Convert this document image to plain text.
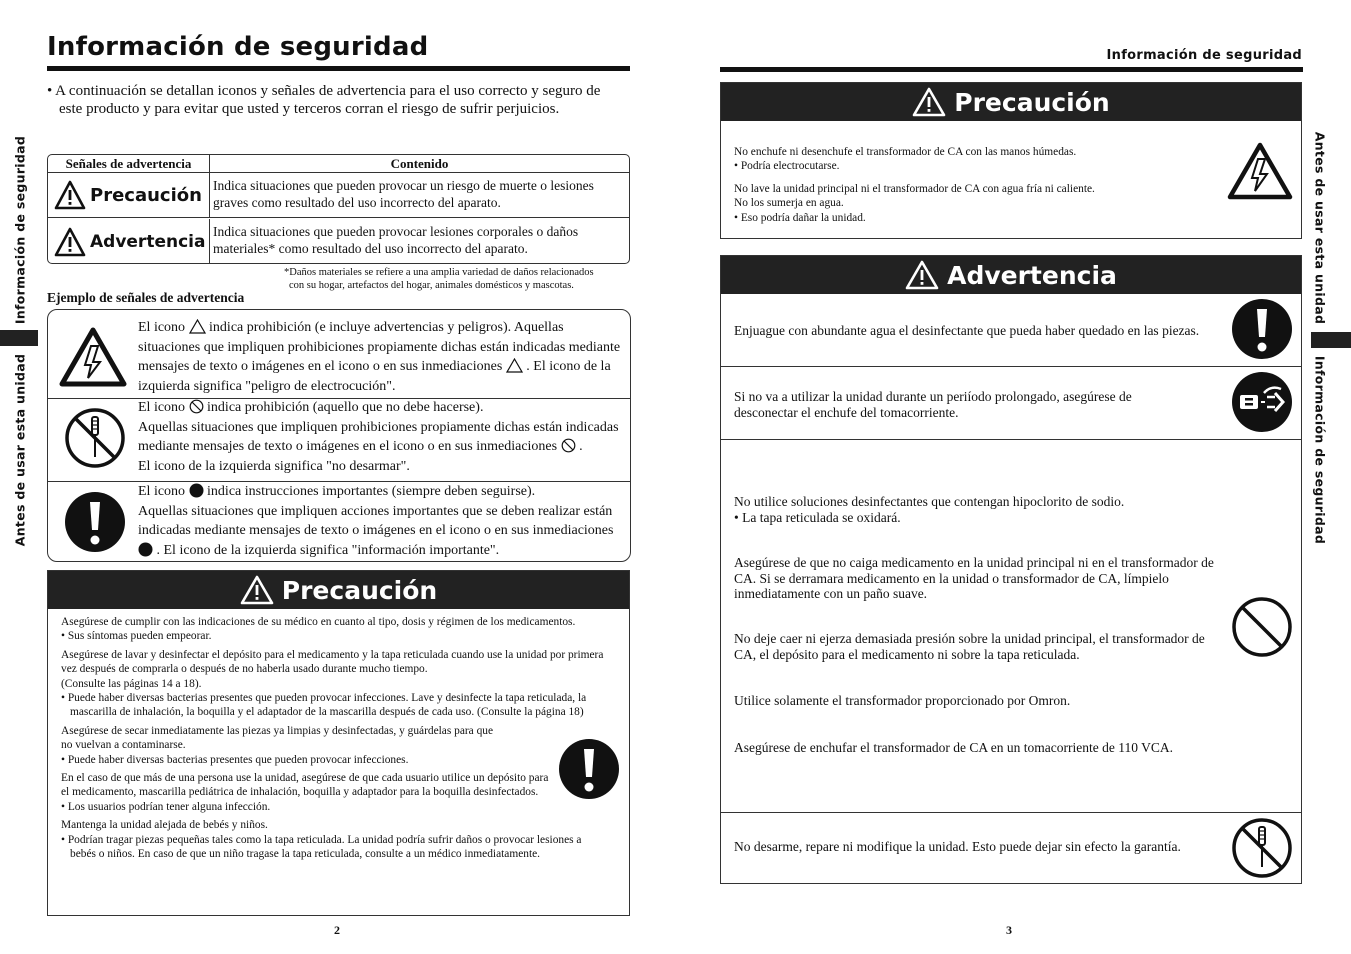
Información de seguridad
Información de seguridad
Antes de usar esta unidad
• A continuación se detallan iconos y señales de advertencia para el uso correcto y seguro de este producto y para evitar que usted y terceros corran el riesgo de sufrir perjuicios.
Señales de advertencia	Contenido
Precaución Indica situaciones que pueden provocar un riesgo de muerte o lesiones graves como resultado del uso incorrecto del aparato.
Advertencia Indica situaciones que pueden provocar lesiones corporales o daños materiales* como resultado del uso incorrecto del aparato.
*Daños materiales se refiere a una amplia variedad de daños relacionados
con su hogar, artefactos del hogar, animales domésticos y mascotas.
Ejemplo de señales de advertencia
El icono indica prohibición (e incluye advertencias y peligros). Aquellas situaciones que impliquen prohibiciones propiamente dichas están indicadas mediante mensajes de texto o imágenes en el icono o en sus inmediaciones . El icono de la izquierda significa "peligro de electrocución".
El icono indica prohibición (aquello que no debe hacerse).
Aquellas situaciones que impliquen prohibiciones propiamente dichas están indicadas mediante mensajes de texto o imágenes en el icono o en sus inmediaciones .
El icono de la izquierda significa "no desarmar".
El icono indica instrucciones importantes (siempre deben seguirse).
Aquellas situaciones que impliquen acciones importantes que se deben realizar están indicadas mediante mensajes de texto o imágenes en el icono o en sus inmediaciones  . El icono de la izquierda significa "información importante".
Precaución

Asegúrese de cumplir con las indicaciones de su médico en cuanto al tipo, dosis y régimen de los medicamentos.
• Sus síntomas pueden empeorar.

Asegúrese de lavar y desinfectar el depósito para el medicamento y la tapa reticulada cuando use la unidad por primera vez después de comprarla o después de no haberla usado durante mucho tiempo.
(Consulte las páginas 14 a 18).
• Puede haber diversas bacterias presentes que pueden provocar infecciones. Lave y desinfecte la tapa reticulada, la mascarilla de inhalación, la boquilla y el adaptador de la mascarilla después de cada uso. (Consulte la página 18)

Asegúrese de secar inmediatamente las piezas ya limpias y desinfectadas, y guárdelas para que no vuelvan a contaminarse.
• Puede haber diversas bacterias presentes que pueden provocar infecciones.

En el caso de que más de una persona use la unidad, asegúrese de que cada usuario utilice un depósito para el medicamento, mascarilla pediátrica de inhalación, boquilla y adaptador para la boquilla desinfectados.
• Los usuarios podrían tener alguna infección.

Mantenga la unidad alejada de bebés y niños.
• Podrían tragar piezas pequeñas tales como la tapa reticulada. La unidad podría sufrir daños o provocar lesiones a bebés o niños. En caso de que un niño tragase la tapa reticulada, consulte a un médico inmediatamente.

2
Información de seguridad
Antes de usar esta unidad
Información de seguridad
Precaución
No enchufe ni desenchufe el transformador de CA con las manos húmedas.
• Podría electrocutarse.
No lave la unidad principal ni el transformador de CA con agua fría ni caliente.
No los sumerja en agua.
• Eso podría dañar la unidad.
Advertencia
Enjuague con abundante agua el desinfectante que pueda haber quedado en las piezas.
Si no va a utilizar la unidad durante un periíodo prolongado, asegúrese de desconectar el enchufe del tomacorriente.
No utilice soluciones desinfectantes que contengan hipoclorito de sodio.
• La tapa reticulada se oxidará.
Asegúrese de que no caiga medicamento en la unidad principal ni en el transformador de CA. Si se derramara medicamento en la unidad o transformador de CA, límpielo inmediatamente con un paño suave.
No deje caer ni ejerza demasiada presión sobre la unidad principal, el transformador de CA, el depósito para el medicamento ni sobre la tapa reticulada.
Utilice solamente el transformador proporcionado por Omron.
Asegúrese de enchufar el transformador de CA en un tomacorriente de 110 VCA.
No desarme, repare ni modifique la unidad. Esto puede dejar sin efecto la garantía.
3
